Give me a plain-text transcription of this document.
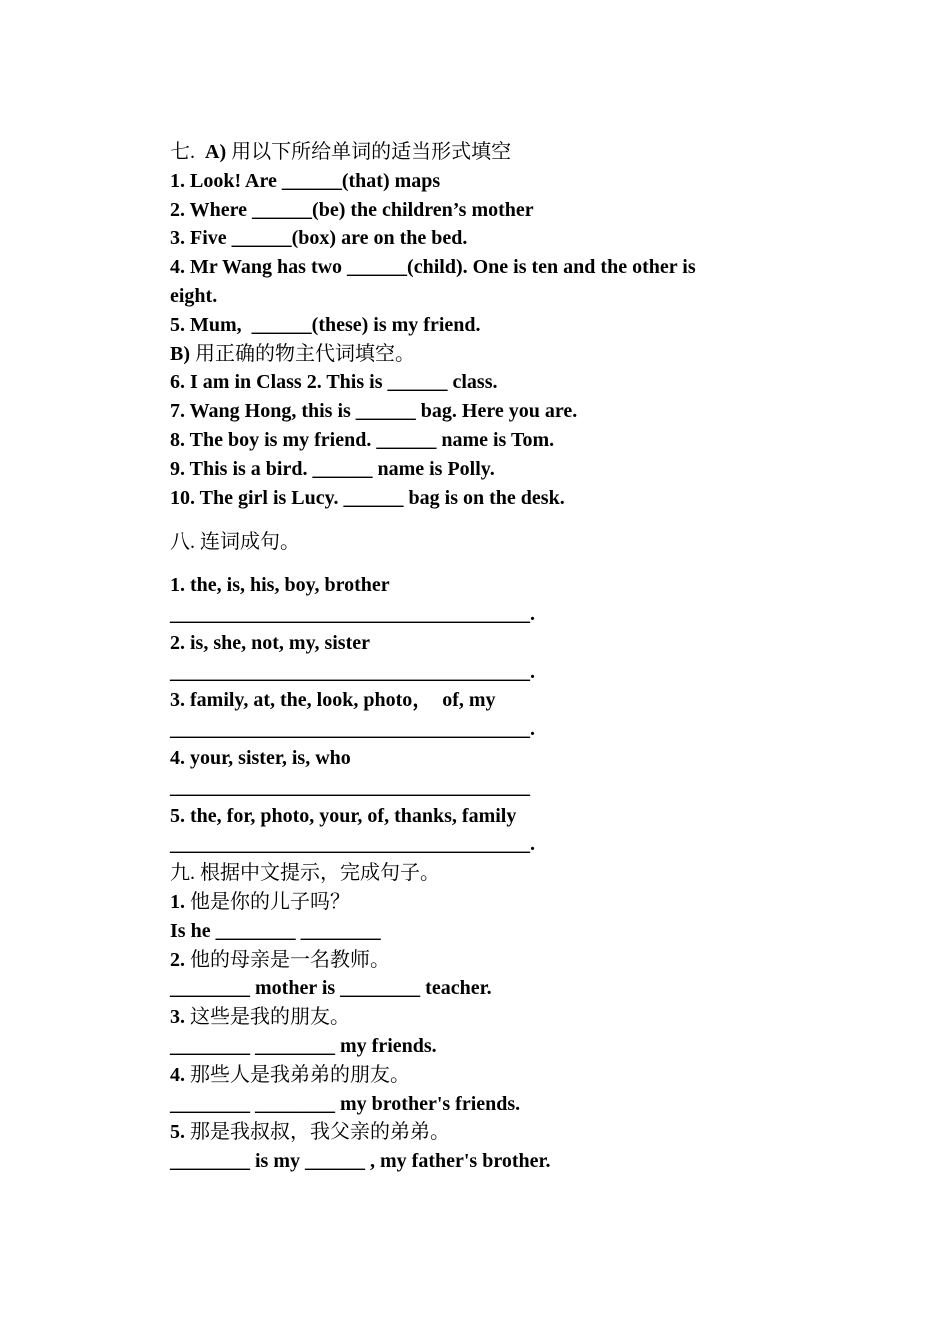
七. A) 用以下所给单词的适当形式填空
1. Look! Are ______(that) maps
2. Where ______(be) the children’s mother
3. Five ______(box) are on the bed.
4. Mr Wang has two ______(child). One is ten and the other is
eight.
5. Mum,  ______(these) is my friend.
B) 用正确的物主代词填空。
6. I am in Class 2. This is ______ class.
7. Wang Hong, this is ______ bag. Here you are.
8. The boy is my friend. ______ name is Tom.
9. This is a bird. ______ name is Polly.
10. The girl is Lucy. ______ bag is on the desk.
八. 连词成句。
1. the, is, his, boy, brother
____________________________________.
2. is, she, not, my, sister
____________________________________.
3. family, at, the, look, photo，  of, my
____________________________________.
4. your, sister, is, who
____________________________________
5. the, for, photo, your, of, thanks, family
____________________________________.
九. 根据中文提示，完成句子。
1. 他是你的儿子吗？
Is he ________ ________
2. 他的母亲是一名教师。
________ mother is ________ teacher.
3. 这些是我的朋友。
________ ________ my friends.
4. 那些人是我弟弟的朋友。
________ ________ my brother's friends.
5. 那是我叔叔，我父亲的弟弟。
________ is my ______ , my father's brother.
